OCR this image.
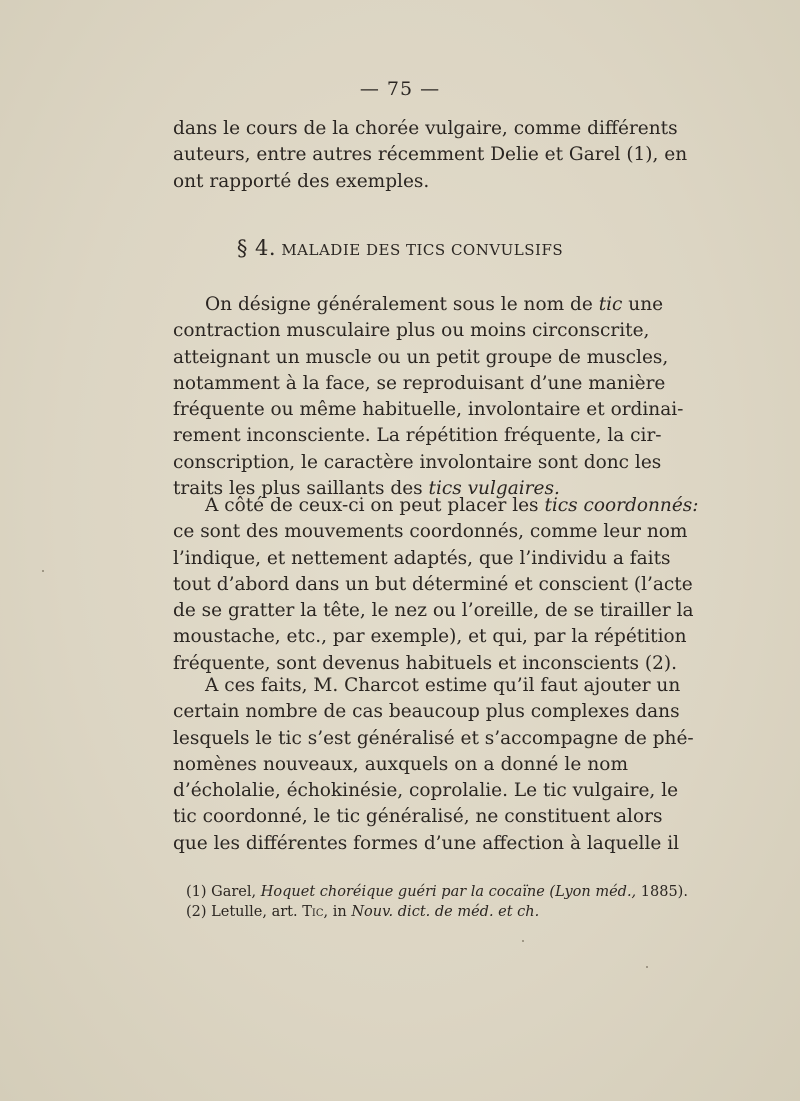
— 75 —
dans le cours de la chorée vulgaire, comme différents
auteurs, entre autres récemment Delie et Garel (1), en
ont rapporté des exemples.
§ 4. MALADIE DES TICS CONVULSIFS
On désigne généralement sous le nom de tic une
contraction musculaire plus ou moins circonscrite,
atteignant un muscle ou un petit groupe de muscles,
notamment à la face, se reproduisant d’une manière
fréquente ou même habituelle, involontaire et ordinai-
rement inconsciente. La répétition fréquente, la cir-
conscription, le caractère involontaire sont donc les
traits les plus saillants des tics vulgaires.
A côté de ceux-ci on peut placer les tics coordonnés:
ce sont des mouvements coordonnés, comme leur nom
l’indique, et nettement adaptés, que l’individu a faits
tout d’abord dans un but déterminé et conscient (l’acte
de se gratter la tête, le nez ou l’oreille, de se tirailler la
moustache, etc., par exemple), et qui, par la répétition
fréquente, sont devenus habituels et inconscients (2).
A ces faits, M. Charcot estime qu’il faut ajouter un
certain nombre de cas beaucoup plus complexes dans
lesquels le tic s’est généralisé et s’accompagne de phé-
nomènes nouveaux, auxquels on a donné le nom
d’écholalie, échokinésie, coprolalie. Le tic vulgaire, le
tic coordonné, le tic généralisé, ne constituent alors
que les différentes formes d’une affection à laquelle il
(1) Garel, Hoquet choréique guéri par la cocaïne (Lyon méd., 1885).
(2) Letulle, art. Tic, in Nouv. dict. de méd. et ch.
